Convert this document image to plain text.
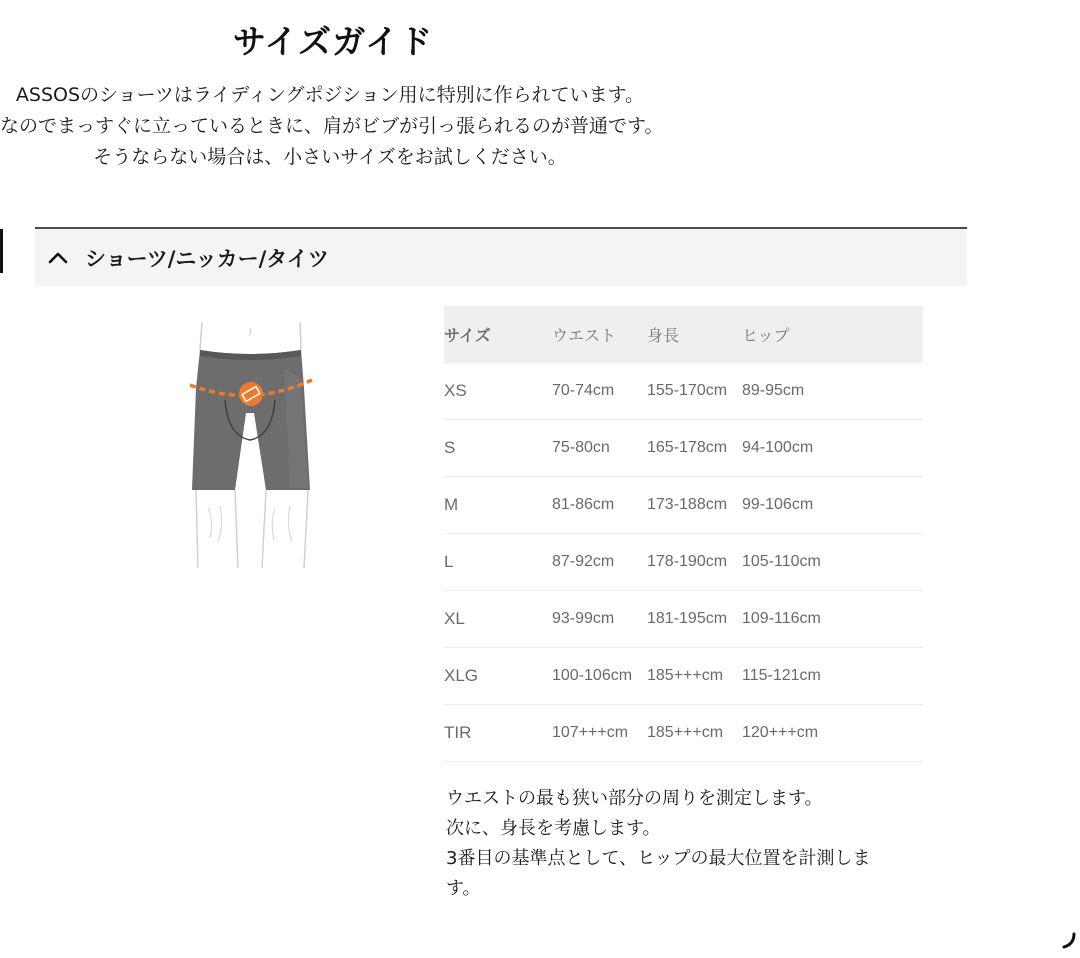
サイズガイド
ASSOSのショーツはライディングポジション用に特別に作られています。
なのでまっすぐに立っているときに、肩がビブが引っ張られるのが普通です。
そうならない場合は、小さいサイズをお試しください。
ショーツ/ニッカー/タイツ
サイズ	ウエスト	身長	ヒップ
XS	70-74cm	155-170cm	89-95cm
S	75-80cn	165-178cm	94-100cm
M	81-86cm	173-188cm	99-106cm
L	87-92cm	178-190cm	105-110cm
XL	93-99cm	181-195cm	109-116cm
XLG	100-106cm	185+++cm	115-121cm
TIR	107+++cm	185+++cm	120+++cm
ウエストの最も狭い部分の周りを測定します。
次に、身長を考慮します。
3番目の基準点として、ヒップの最大位置を計測しま
す。
